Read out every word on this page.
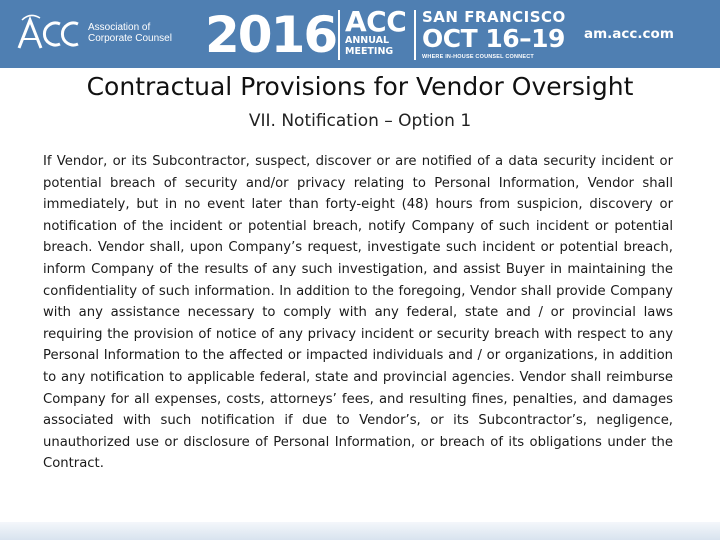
Association of
Corporate Counsel 2016 ACC
ANNUAL
MEETING
SAN FRANCISCO
OCT 16–19
WHERE IN-HOUSE COUNSEL CONNECT
am.acc.com
Contractual Provisions for Vendor Oversight
VII. Notification – Option 1
If Vendor, or its Subcontractor, suspect, discover or are notified of a data security incident or potential breach of security and/or privacy relating to Personal Information, Vendor shall immediately, but in no event later than forty-eight (48) hours from suspicion, discovery or notification of the incident or potential breach, notify Company of such incident or potential breach. Vendor shall, upon Company’s request, investigate such incident or potential breach, inform Company of the results of any such investigation, and assist Buyer in maintaining the confidentiality of such information. In addition to the foregoing, Vendor shall provide Company with any assistance necessary to comply with any federal, state and / or provincial laws requiring the provision of notice of any privacy incident or security breach with respect to any Personal Information to the affected or impacted individuals and / or organizations, in addition to any notification to applicable federal, state and provincial agencies. Vendor shall reimburse Company for all expenses, costs, attorneys’ fees, and resulting fines, penalties, and damages associated with such notification if due to Vendor’s, or its Subcontractor’s, negligence, unauthorized use or disclosure of Personal Information, or breach of its obligations under the Contract.
